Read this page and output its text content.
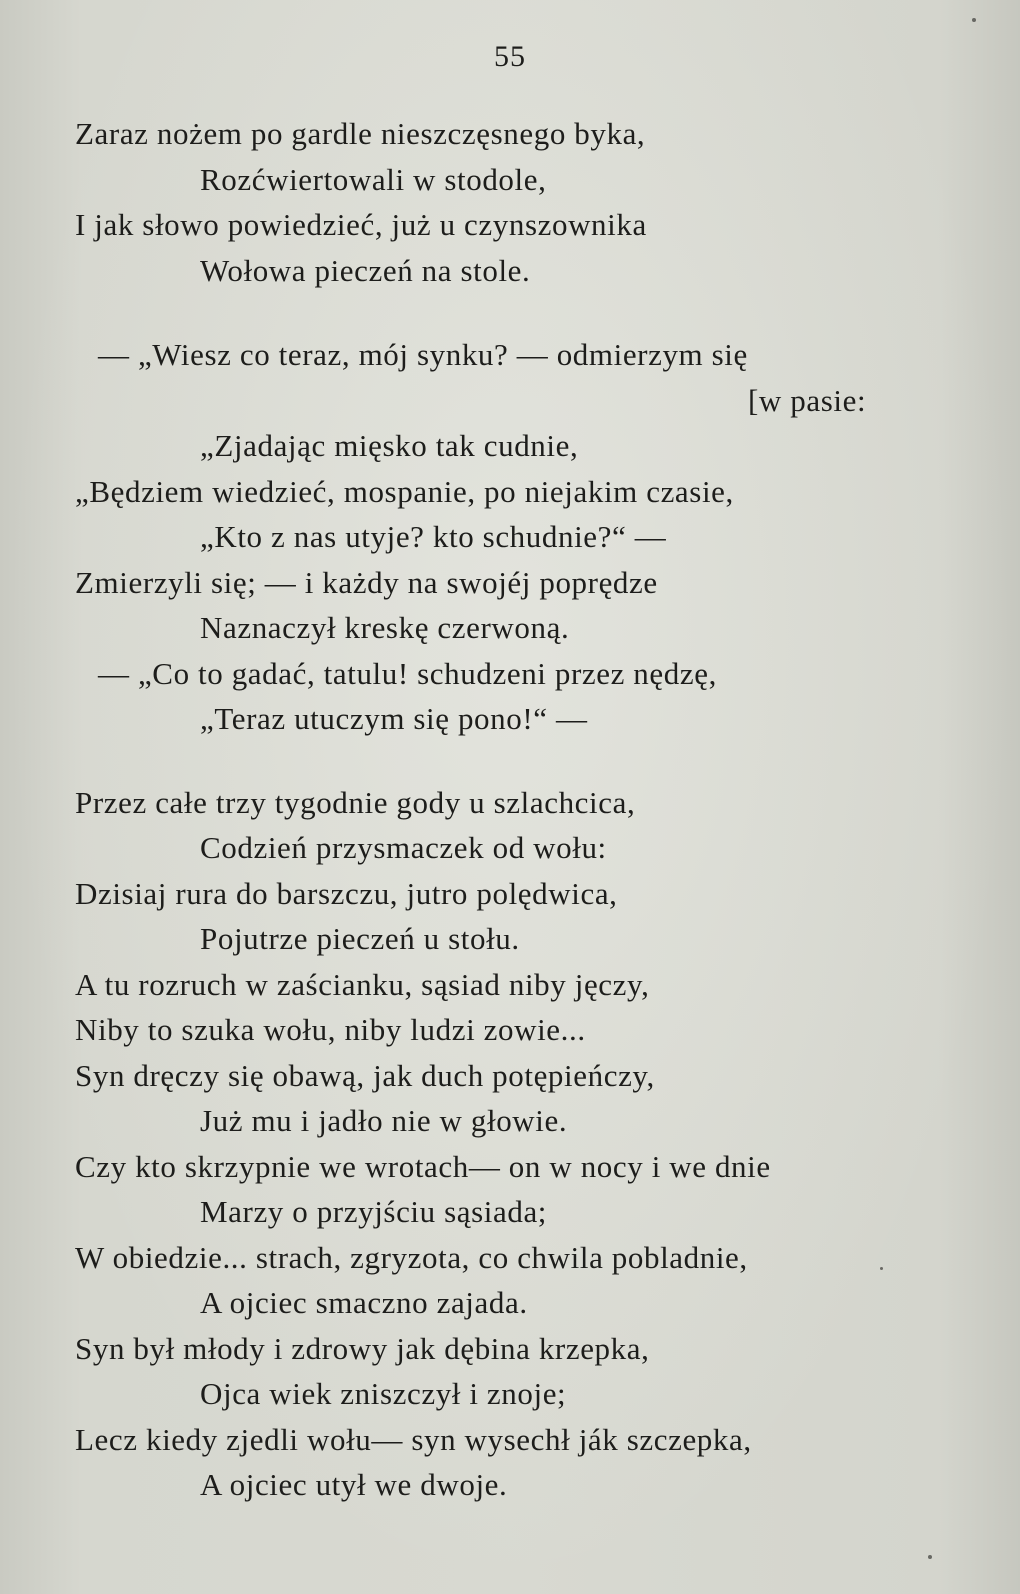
55
Zaraz nożem po gardle nieszczęsnego byka,
Rozćwiertowali w stodole,
I jak słowo powiedzieć, już u czynszownika
Wołowa pieczeń na stole.
— „Wiesz co teraz, mój synku? — odmierzym się
[w pasie:
„Zjadając mięsko tak cudnie,
„Będziem wiedzieć, mospanie, po niejakim czasie,
„Kto z nas utyje? kto schudnie?“ —
Zmierzyli się; — i każdy na swojéj poprędze
Naznaczył kreskę czerwoną.
— „Co to gadać, tatulu! schudzeni przez nędzę,
„Teraz utuczym się pono!“ —
Przez całe trzy tygodnie gody u szlachcica,
Codzień przysmaczek od wołu:
Dzisiaj rura do barszczu, jutro polędwica,
Pojutrze pieczeń u stołu.
A tu rozruch w zaścianku, sąsiad niby jęczy,
Niby to szuka wołu, niby ludzi zowie...
Syn dręczy się obawą, jak duch potępieńczy,
Już mu i jadło nie w głowie.
Czy kto skrzypnie we wrotach— on w nocy i we dnie
Marzy o przyjściu sąsiada;
W obiedzie... strach, zgryzota, co chwila pobladnie,
A ojciec smaczno zajada.
Syn był młody i zdrowy jak dębina krzepka,
Ojca wiek zniszczył i znoje;
Lecz kiedy zjedli wołu— syn wysechł ják szczepka,
A ojciec utył we dwoje.
